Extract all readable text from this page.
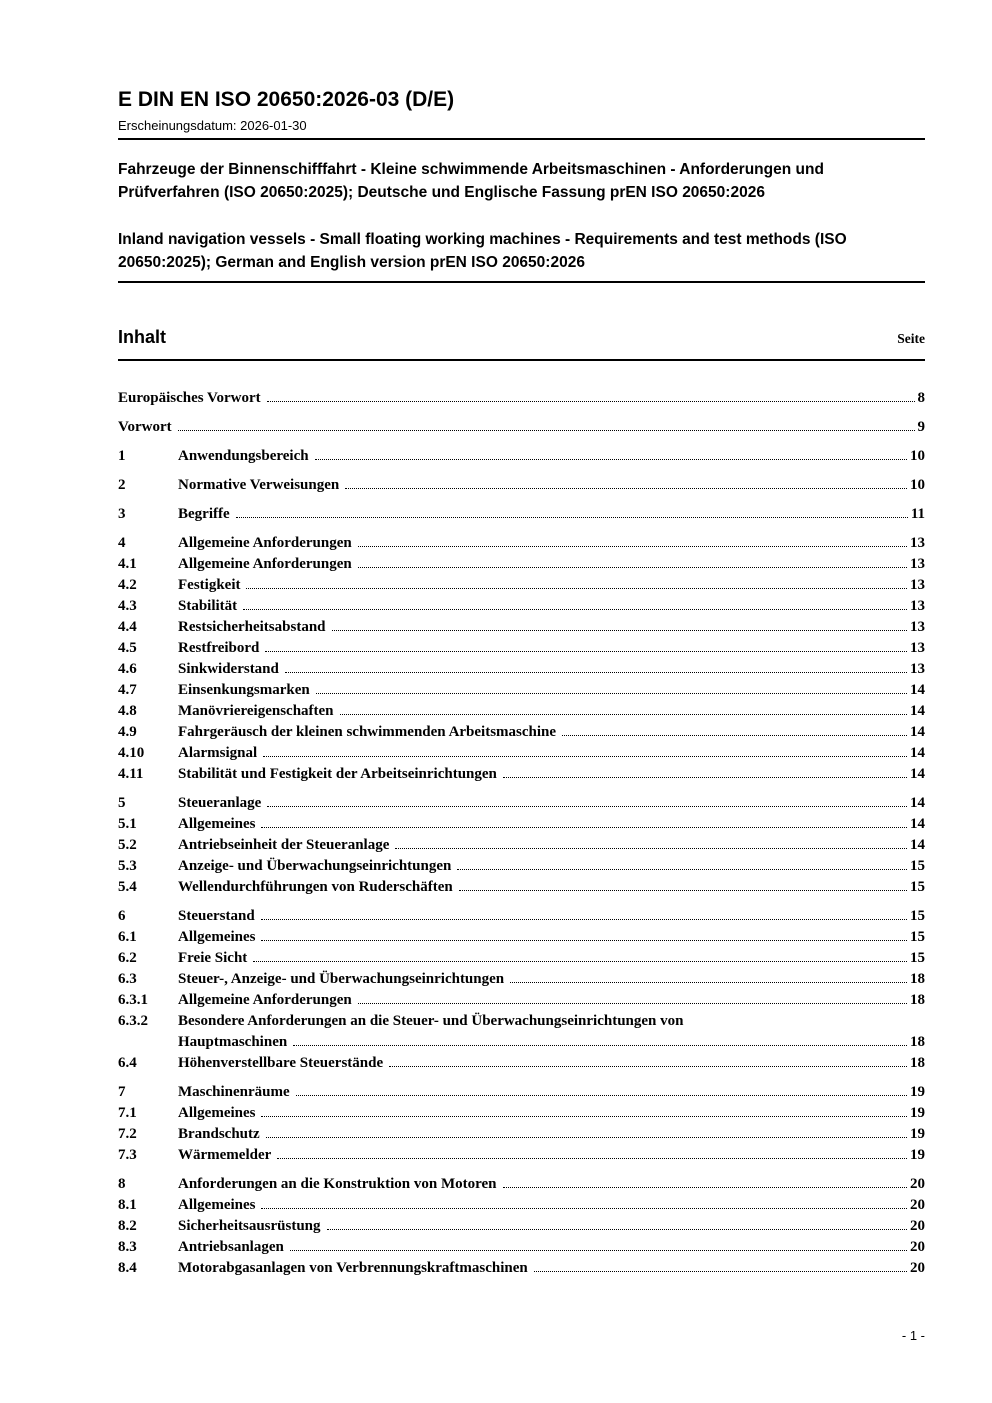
E DIN EN ISO 20650:2026-03 (D/E)
Erscheinungsdatum: 2026-01-30

Fahrzeuge der Binnenschifffahrt - Kleine schwimmende Arbeitsmaschinen - Anforderungen und Prüfverfahren (ISO 20650:2025); Deutsche und Englische Fassung prEN ISO 20650:2026

Inland navigation vessels - Small floating working machines - Requirements and test methods (ISO 20650:2025); German and English version prEN ISO 20650:2026

Inhalt	Seite
Europäisches Vorwort	8
Vorwort	9
1	Anwendungsbereich	10
2	Normative Verweisungen	10
3	Begriffe	11
4	Allgemeine Anforderungen	13
4.1	Allgemeine Anforderungen	13
4.2	Festigkeit	13
4.3	Stabilität	13
4.4	Restsicherheitsabstand	13
4.5	Restfreibord	13
4.6	Sinkwiderstand	13
4.7	Einsenkungsmarken	14
4.8	Manövriereigenschaften	14
4.9	Fahrgeräusch der kleinen schwimmenden Arbeitsmaschine	14
4.10	Alarmsignal	14
4.11	Stabilität und Festigkeit der Arbeitseinrichtungen	14
5	Steueranlage	14
5.1	Allgemeines	14
5.2	Antriebseinheit der Steueranlage	14
5.3	Anzeige- und Überwachungseinrichtungen	15
5.4	Wellendurchführungen von Ruderschäften	15
6	Steuerstand	15
6.1	Allgemeines	15
6.2	Freie Sicht	15
6.3	Steuer-, Anzeige- und Überwachungseinrichtungen	18
6.3.1	Allgemeine Anforderungen	18
6.3.2	Besondere Anforderungen an die Steuer- und Überwachungseinrichtungen von
Hauptmaschinen	18
6.4	Höhenverstellbare Steuerstände	18
7	Maschinenräume	19
7.1	Allgemeines	19
7.2	Brandschutz	19
7.3	Wärmemelder	19
8	Anforderungen an die Konstruktion von Motoren	20
8.1	Allgemeines	20
8.2	Sicherheitsausrüstung	20
8.3	Antriebsanlagen	20
8.4	Motorabgasanlagen von Verbrennungskraftmaschinen	20
- 1 -
